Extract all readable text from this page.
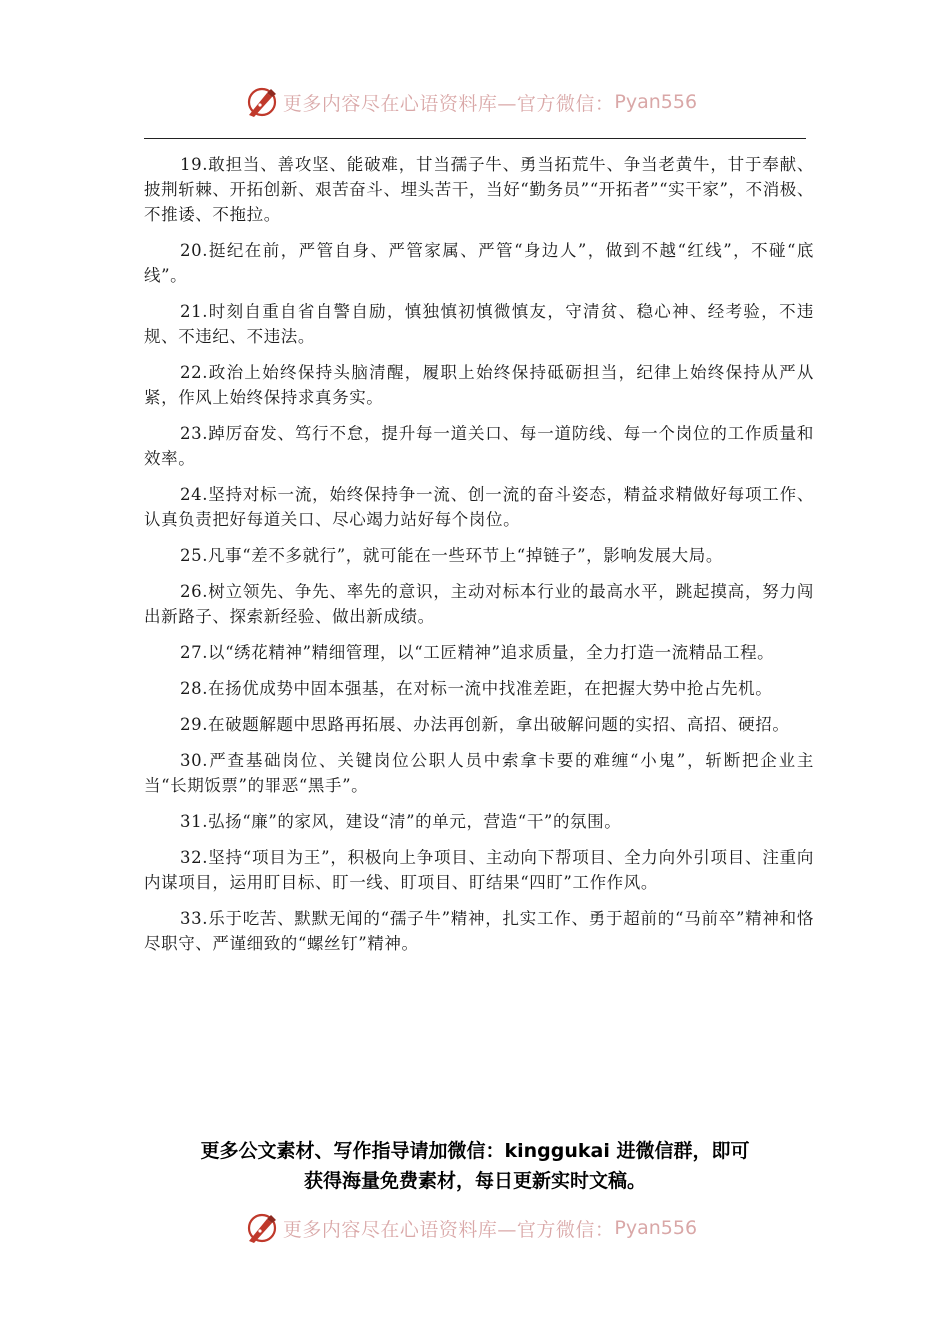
更多内容尽在心语资料库—官方微信： Pyan556

19.敢担当、善攻坚、能破难，甘当孺子牛、勇当拓荒牛、争当老黄牛，甘于奉献、披荆斩棘、开拓创新、艰苦奋斗、埋头苦干，当好“勤务员”“开拓者”“实干家”，不消极、不推诿、不拖拉。

20.挺纪在前，严管自身、严管家属、严管“身边人”，做到不越“红线”，不碰“底线”。

21.时刻自重自省自警自励，慎独慎初慎微慎友，守清贫、稳心神、经考验，不违规、不违纪、不违法。

22.政治上始终保持头脑清醒，履职上始终保持砥砺担当，纪律上始终保持从严从紧，作风上始终保持求真务实。

23.踔厉奋发、笃行不怠，提升每一道关口、每一道防线、每一个岗位的工作质量和效率。

24.坚持对标一流，始终保持争一流、创一流的奋斗姿态，精益求精做好每项工作、认真负责把好每道关口、尽心竭力站好每个岗位。

25.凡事“差不多就行”，就可能在一些环节上“掉链子”，影响发展大局。

26.树立领先、争先、率先的意识，主动对标本行业的最高水平，跳起摸高，努力闯出新路子、探索新经验、做出新成绩。

27.以“绣花精神”精细管理，以“工匠精神”追求质量，全力打造一流精品工程。

28.在扬优成势中固本强基，在对标一流中找准差距，在把握大势中抢占先机。

29.在破题解题中思路再拓展、办法再创新，拿出破解问题的实招、高招、硬招。

30.严查基础岗位、关键岗位公职人员中索拿卡要的难缠“小鬼”，斩断把企业主当“长期饭票”的罪恶“黑手”。

31.弘扬“廉”的家风，建设“清”的单元，营造“干”的氛围。

32.坚持“项目为王”，积极向上争项目、主动向下帮项目、全力向外引项目、注重向内谋项目，运用盯目标、盯一线、盯项目、盯结果“四盯”工作作风。

33.乐于吃苦、默默无闻的“孺子牛”精神，扎实工作、勇于超前的“马前卒”精神和恪尽职守、严谨细致的“螺丝钉”精神。

更多公文素材、写作指导请加微信：kinggukai 进微信群，即可
获得海量免费素材，每日更新实时文稿。
更多内容尽在心语资料库—官方微信： Pyan556
